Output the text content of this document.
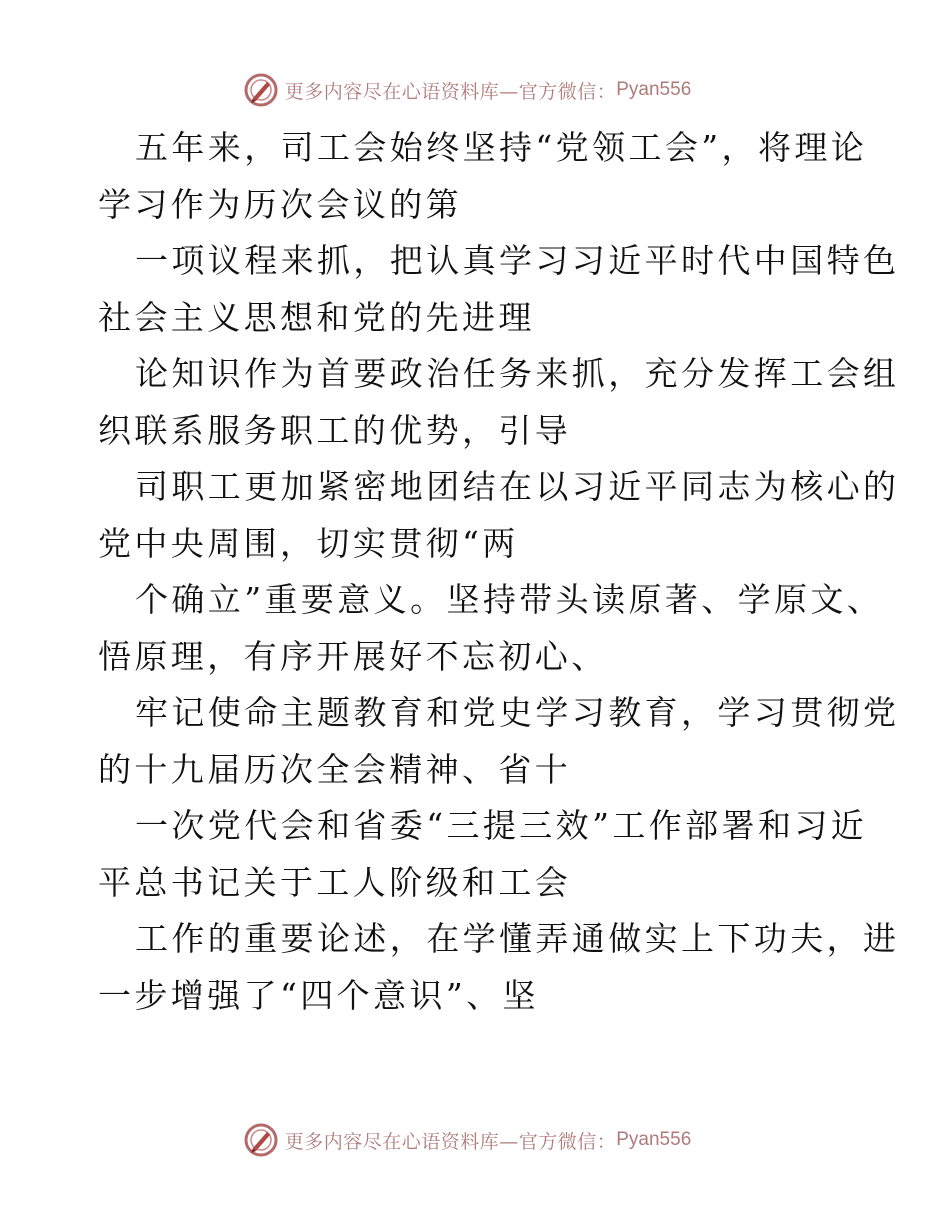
更多内容尽在心语资料库—官方微信： Pyan556
五年来，司工会始终坚持“党领工会”，将理论
学习作为历次会议的第
一项议程来抓，把认真学习习近平时代中国特色
社会主义思想和党的先进理
论知识作为首要政治任务来抓，充分发挥工会组
织联系服务职工的优势，引导
司职工更加紧密地团结在以习近平同志为核心的
党中央周围，切实贯彻“两
个确立”重要意义。坚持带头读原著、学原文、
悟原理，有序开展好不忘初心、
牢记使命主题教育和党史学习教育，学习贯彻党
的十九届历次全会精神、省十
一次党代会和省委“三提三效”工作部署和习近
平总书记关于工人阶级和工会
工作的重要论述，在学懂弄通做实上下功夫，进
一步增强了“四个意识”、坚
更多内容尽在心语资料库—官方微信： Pyan556
